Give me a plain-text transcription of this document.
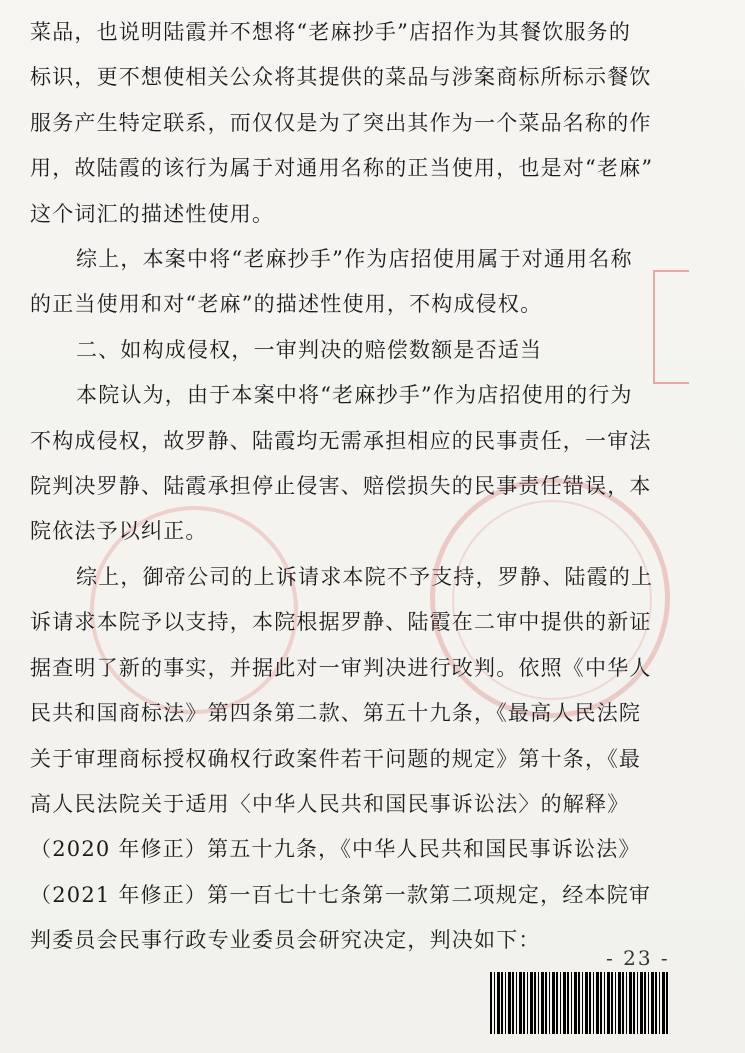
菜品，也说明陆霞并不想将“老麻抄手”店招作为其餐饮服务的
标识，更不想使相关公众将其提供的菜品与涉案商标所标示餐饮
服务产生特定联系，而仅仅是为了突出其作为一个菜品名称的作
用，故陆霞的该行为属于对通用名称的正当使用，也是对“老麻”
这个词汇的描述性使用。

综上，本案中将“老麻抄手”作为店招使用属于对通用名称
的正当使用和对“老麻”的描述性使用，不构成侵权。

二、如构成侵权，一审判决的赔偿数额是否适当

本院认为，由于本案中将“老麻抄手”作为店招使用的行为
不构成侵权，故罗静、陆霞均无需承担相应的民事责任，一审法
院判决罗静、陆霞承担停止侵害、赔偿损失的民事责任错误，本
院依法予以纠正。

综上，御帝公司的上诉请求本院不予支持，罗静、陆霞的上
诉请求本院予以支持，本院根据罗静、陆霞在二审中提供的新证
据查明了新的事实，并据此对一审判决进行改判。依照《中华人
民共和国商标法》第四条第二款、第五十九条，《最高人民法院
关于审理商标授权确权行政案件若干问题的规定》第十条，《最
高人民法院关于适用〈中华人民共和国民事诉讼法〉的解释》
（2020 年修正）第五十九条，《中华人民共和国民事诉讼法》
（2021 年修正）第一百七十七条第一款第二项规定，经本院审
判委员会民事行政专业委员会研究决定，判决如下：

- 23 -
